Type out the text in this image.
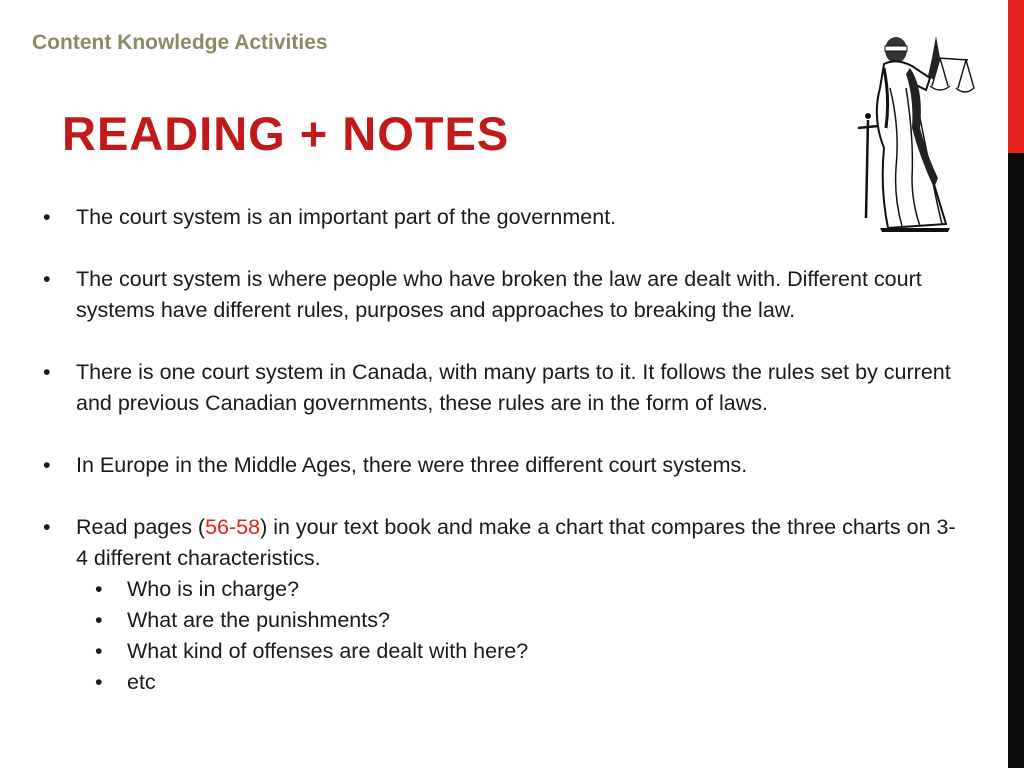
Content Knowledge Activities
READING + NOTES
• The court system is an important part of the government.
• The court system is where people who have broken the law are dealt with. Different court systems have different rules, purposes and approaches to breaking the law.
• There is one court system in Canada, with many parts to it. It follows the rules set by current and previous Canadian governments, these rules are in the form of laws.
• In Europe in the Middle Ages, there were three different court systems.
• Read pages (56-58) in your text book and make a chart that compares the three charts on 3-4 different characteristics.
• Who is in charge?
• What are the punishments?
• What kind of offenses are dealt with here?
• etc
